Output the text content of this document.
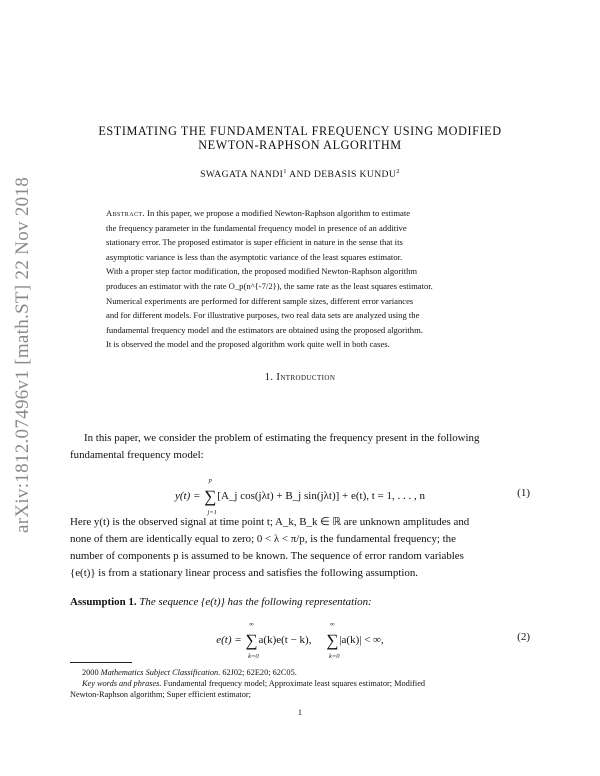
arXiv:1812.07496v1 [math.ST] 22 Nov 2018
ESTIMATING THE FUNDAMENTAL FREQUENCY USING MODIFIED
NEWTON-RAPHSON ALGORITHM
SWAGATA NANDI$^1$ AND DEBASIS KUNDU$^2$
Abstract. In this paper, we propose a modified Newton-Raphson algorithm to estimate
the frequency parameter in the fundamental frequency model in presence of an additive
stationary error. The proposed estimator is super efficient in nature in the sense that its
asymptotic variance is less than the asymptotic variance of the least squares estimator.
With a proper step factor modification, the proposed modified Newton-Raphson algorithm
produces an estimator with the rate O_p(n^{-7/2}), the same rate as the least squares estimator.
Numerical experiments are performed for different sample sizes, different error variances
and for different models. For illustrative purposes, two real data sets are analyzed using the
fundamental frequency model and the estimators are obtained using the proposed algorithm.
It is observed the model and the proposed algorithm work quite well in both cases.
1. Introduction
In this paper, we consider the problem of estimating the frequency present in the following
fundamental frequency model:
y(t) = ∑
p
j=1
[A_j cos(jλt) + B_j sin(jλt)] + e(t), t = 1, . . . , n	(1)
Here y(t) is the observed signal at time point t; A_k, B_k ∈ ℝ are unknown amplitudes and
none of them are identically equal to zero; 0 < λ < π/p, is the fundamental frequency; the
number of components p is assumed to be known. The sequence of error random variables
{e(t)} is from a stationary linear process and satisfies the following assumption.
Assumption 1. The sequence {e(t)} has the following representation:
e(t) = ∑
∞
k=0
a(k)e(t − k), ∑
∞
k=0
|a(k)| < ∞,	(2)
2000 Mathematics Subject Classification. 62J02; 62E20; 62C05.
Key words and phrases. Fundamental frequency model; Approximate least squares estimator; Modified
Newton-Raphson algorithm; Super efficient estimator;
1
